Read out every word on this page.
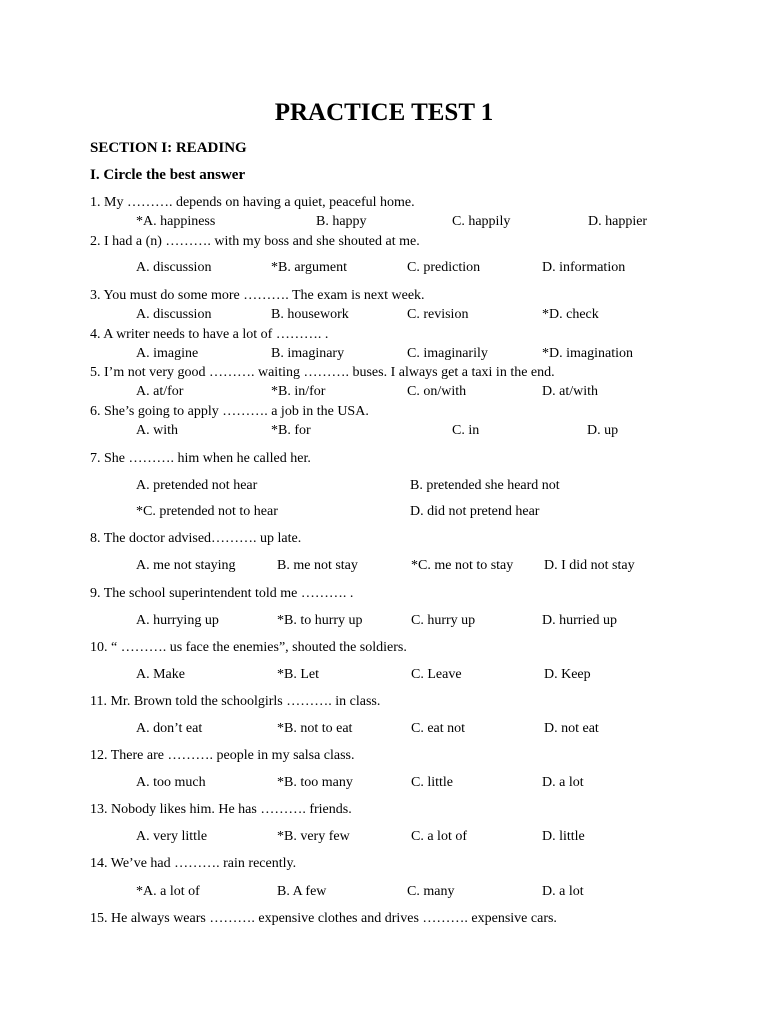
PRACTICE TEST 1
SECTION I: READING
I. Circle the best answer
1. My ………. depends on having a quiet, peaceful home.
*A. happiness	B. happy	C. happily	D. happier
2. I had a (n) ………. with my boss and she shouted at me.
A. discussion	*B. argument	C. prediction	D. information
3. You must do some more ………. The exam is next week.
A. discussion	B. housework	C. revision	*D. check
4. A writer needs to have a lot of ………. .
A. imagine	B. imaginary	C. imaginarily	*D. imagination
5. I’m not very good ………. waiting ………. buses. I always get a taxi in the end.
A. at/for	*B. in/for	C. on/with	D. at/with
6. She’s going to apply ………. a job in the USA.
A. with	*B. for	C. in	D. up
7. She ………. him when he called her.
A. pretended not hear	B. pretended she heard not
*C. pretended not to hear	D. did not pretend hear
8. The doctor advised………. up late.
A. me not staying	B. me not stay	*C. me not to stay D. I did not stay
9. The school superintendent told me ………. .
A. hurrying up	*B. to hurry up	C. hurry up	D. hurried up
10. “ ………. us face the enemies”, shouted the soldiers.
A. Make	*B. Let	C. Leave	D. Keep
11. Mr. Brown told the schoolgirls ………. in class.
A. don’t eat	*B. not to eat	C. eat not	D. not eat
12. There are ………. people in my salsa class.
A. too much	*B. too many	C. little	D. a lot
13. Nobody likes him. He has ………. friends.
A. very little	*B. very few	C. a lot of	D. little
14. We’ve had ………. rain recently.
*A. a lot of	B. A few	C. many	D. a lot
15. He always wears ………. expensive clothes and drives ………. expensive cars.
